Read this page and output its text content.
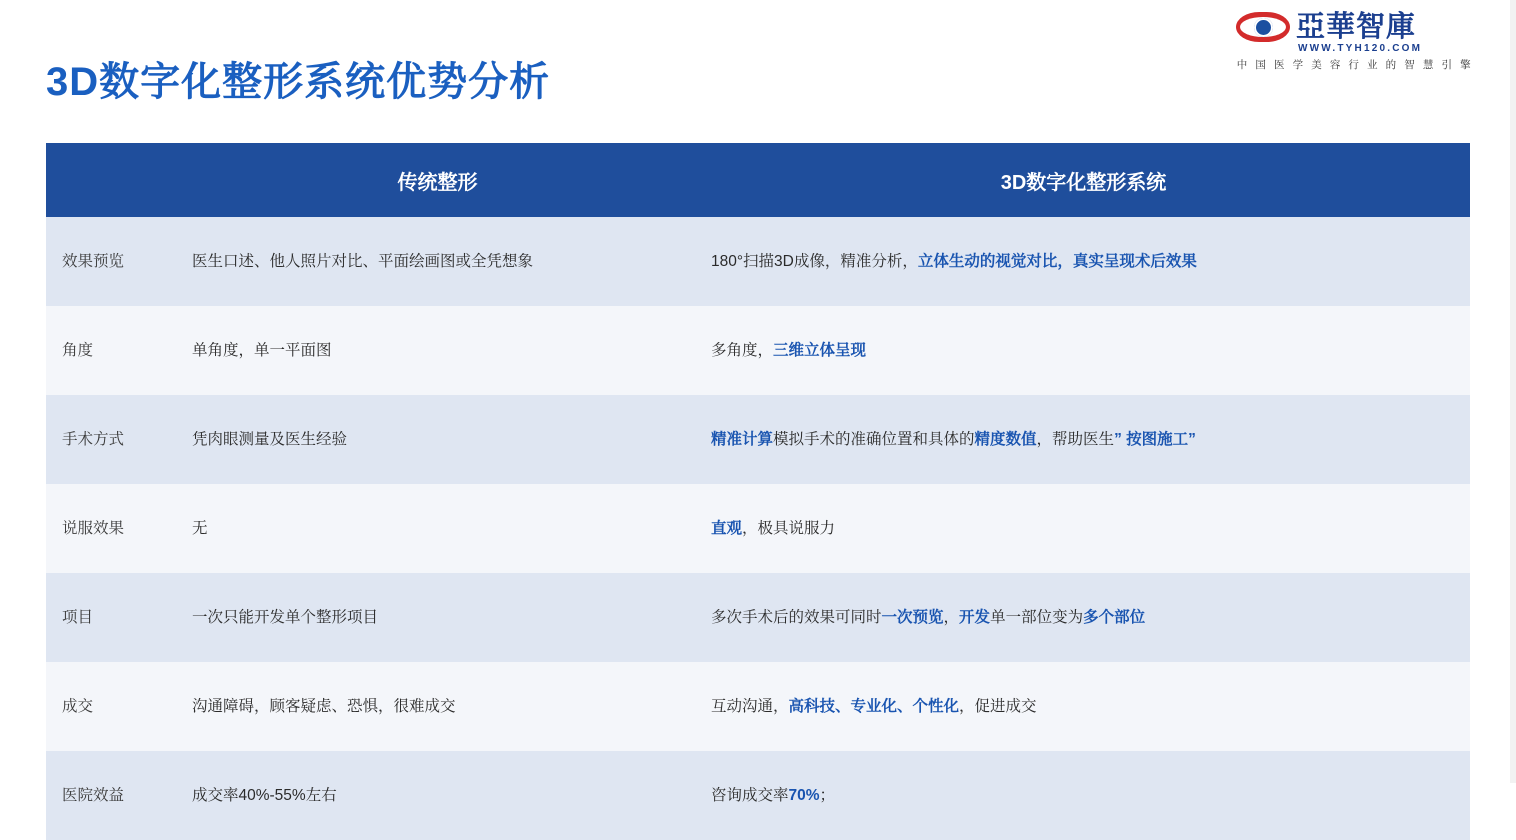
亞華智庫
WWW.TYH120.COM
中 国 医 学 美 容 行 业 的 智 慧 引 擎
3D数字化整形系统优势分析
	传统整形	3D数字化整形系统
效果预览	医生口述、他人照片对比、平面绘画图或全凭想象	180°扫描3D成像，精准分析，立体生动的视觉对比，真实呈现术后效果
角度	单角度，单一平面图	多角度，三维立体呈现
手术方式	凭肉眼测量及医生经验	精准计算模拟手术的准确位置和具体的精度数值，帮助医生” 按图施工”
说服效果	无	直观，极具说服力
项目	一次只能开发单个整形项目	多次手术后的效果可同时一次预览，开发单一部位变为多个部位
成交	沟通障碍，顾客疑虑、恐惧，很难成交	互动沟通，高科技、专业化、个性化，促进成交
医院效益	成交率40%-55%左右	咨询成交率70%；
